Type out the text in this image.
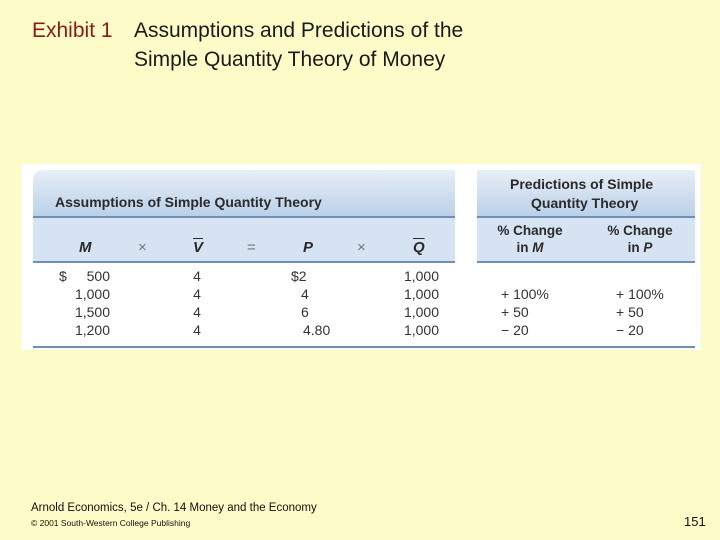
Exhibit 1 Assumptions and Predictions of the
Simple Quantity Theory of Money
Assumptions of Simple Quantity Theory
Predictions of Simple
Quantity Theory
M	×	$\overline{V}$	=	P	×	$\overline{Q}$
% Change
in M
% Change
in P
$	500	4	$2	1,000
1,000	4	4	1,000	+ 100%	+ 100%
1,500	4	6	1,000	+ 50	+ 50
1,200	4	4.80	1,000	− 20	− 20
Arnold Economics, 5e / Ch. 14 Money and the Economy
© 2001 South-Western College Publishing	151
